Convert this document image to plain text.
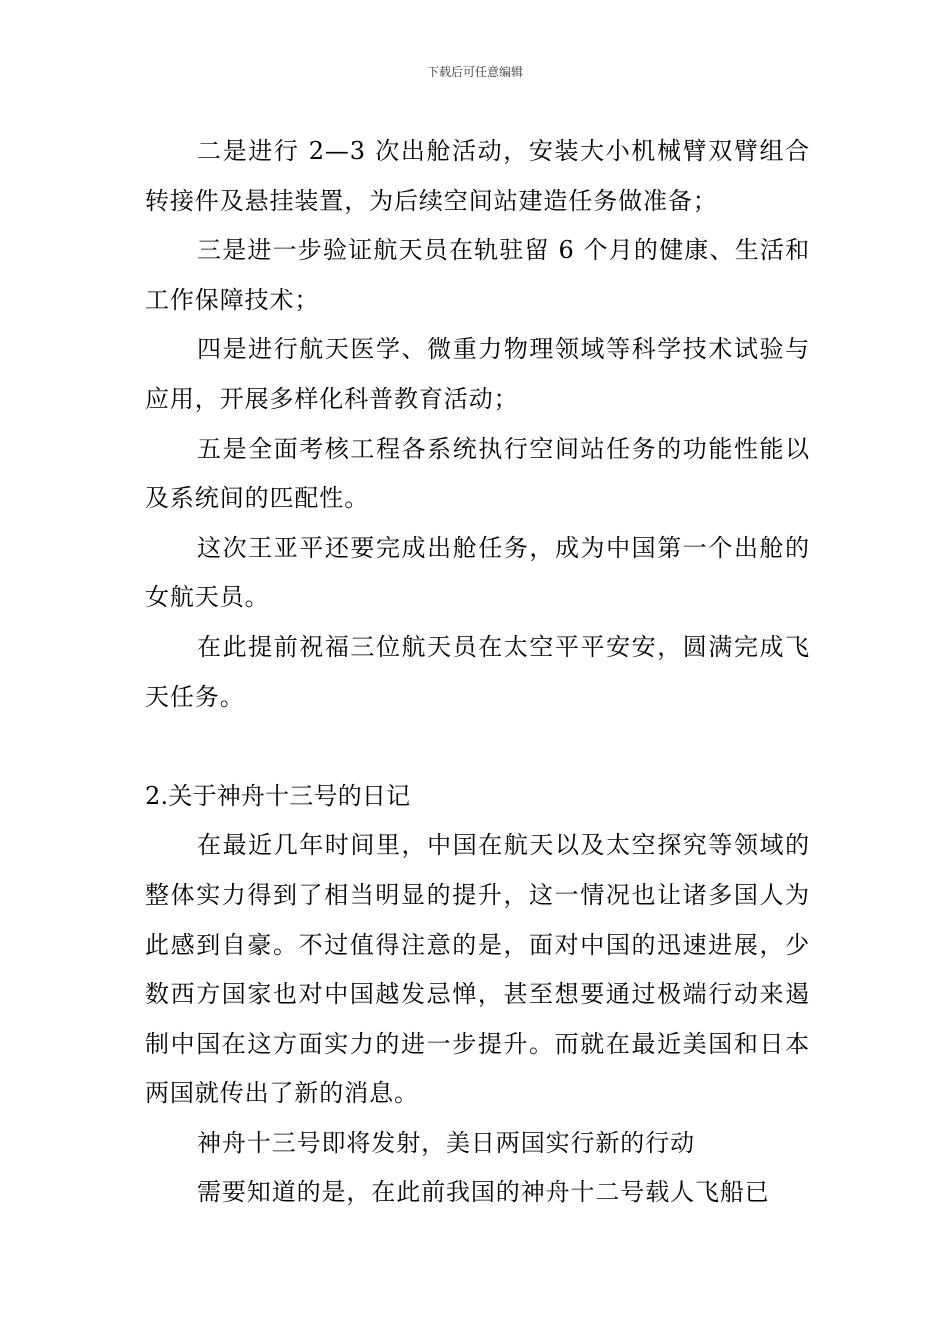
下载后可任意编辑

二是进行 2—3 次出舱活动，安装大小机械臂双臂组合转接件及悬挂装置，为后续空间站建造任务做准备；

三是进一步验证航天员在轨驻留 6 个月的健康、生活和工作保障技术；

四是进行航天医学、微重力物理领域等科学技术试验与应用，开展多样化科普教育活动；

五是全面考核工程各系统执行空间站任务的功能性能以及系统间的匹配性。

这次王亚平还要完成出舱任务，成为中国第一个出舱的女航天员。

在此提前祝福三位航天员在太空平平安安，圆满完成飞天任务。

2.关于神舟十三号的日记

在最近几年时间里，中国在航天以及太空探究等领域的整体实力得到了相当明显的提升，这一情况也让诸多国人为此感到自豪。不过值得注意的是，面对中国的迅速进展，少数西方国家也对中国越发忌惮，甚至想要通过极端行动来遏制中国在这方面实力的进一步提升。而就在最近美国和日本两国就传出了新的消息。

神舟十三号即将发射，美日两国实行新的行动

需要知道的是，在此前我国的神舟十二号载人飞船已
